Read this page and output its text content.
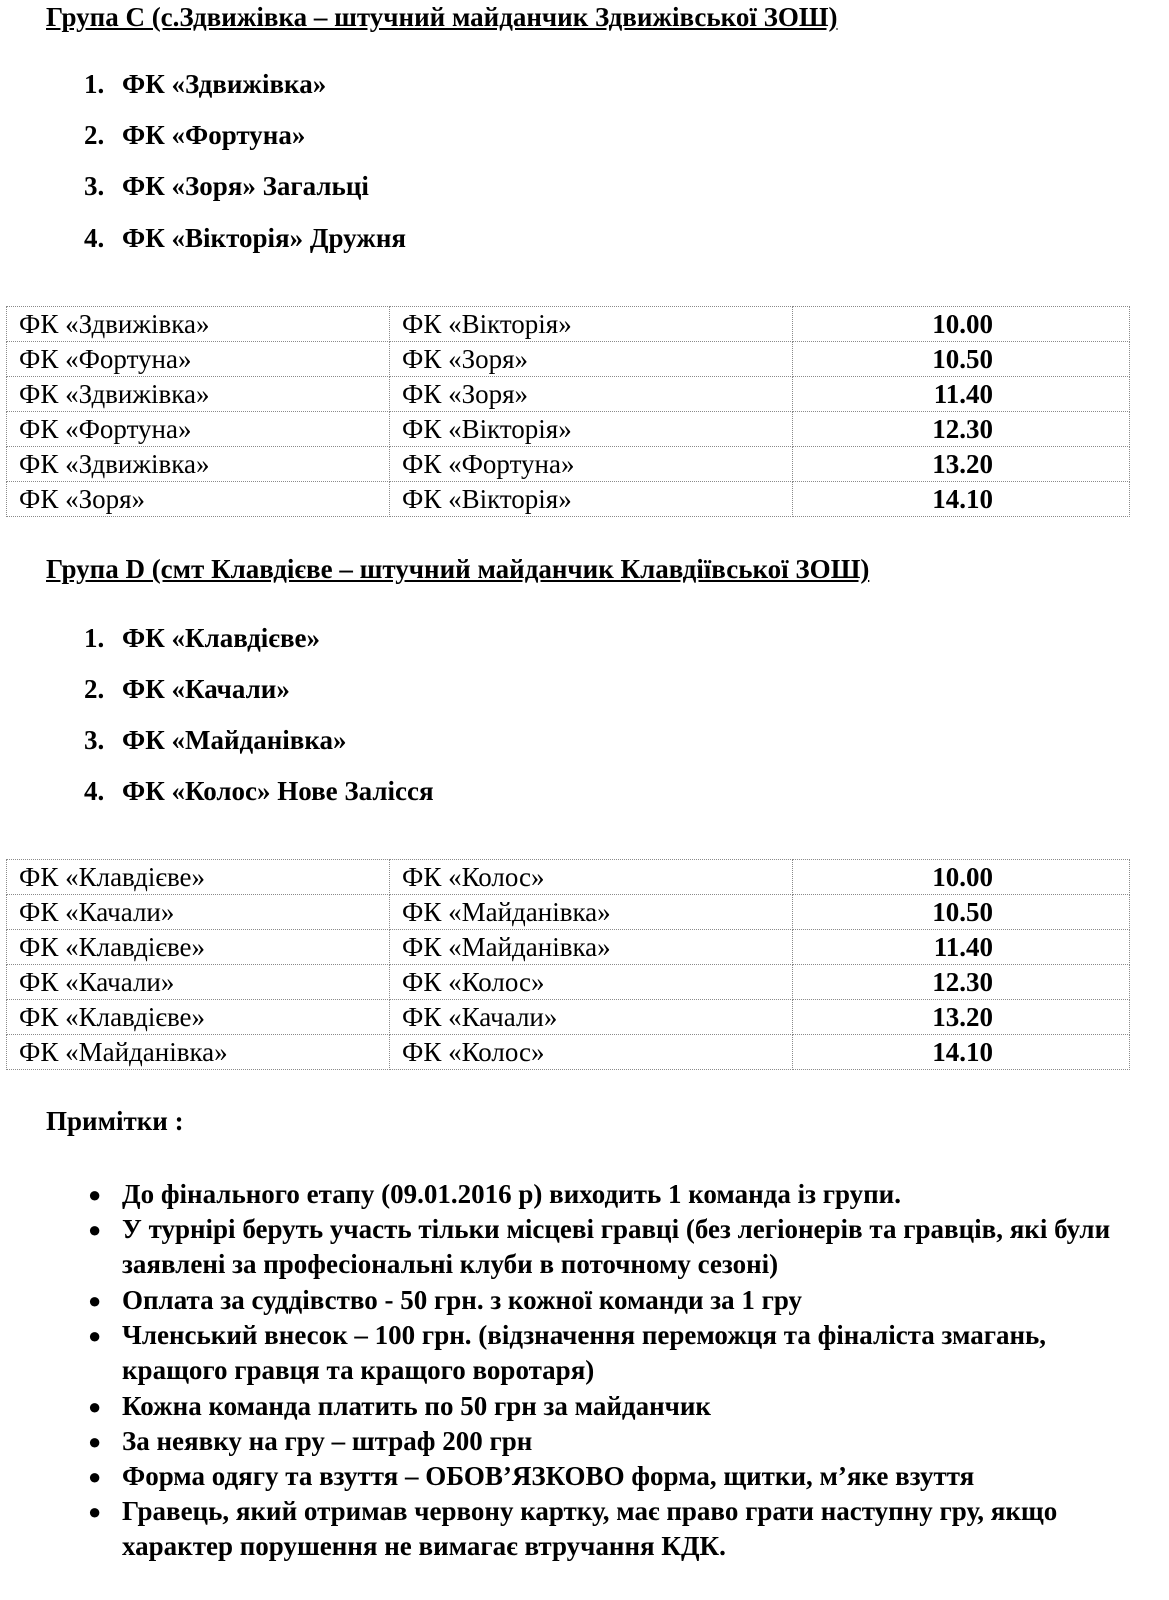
Група С (с.Здвижівка – штучний майданчик Здвижівської ЗОШ)
1. ФК «Здвижівка»
2. ФК «Фортуна»
3. ФК «Зоря» Загальці
4. ФК «Вікторія» Дружня
ФК «Здвижівка»	ФК «Вікторія»	10.00
ФК «Фортуна»	ФК «Зоря»	10.50
ФК «Здвижівка»	ФК «Зоря»	11.40
ФК «Фортуна»	ФК «Вікторія»	12.30
ФК «Здвижівка»	ФК «Фортуна»	13.20
ФК «Зоря»	ФК «Вікторія»	14.10
Група D (смт Клавдієве – штучний майданчик Клавдіївської ЗОШ)
1. ФК «Клавдієве»
2. ФК «Качали»
3. ФК «Майданівка»
4. ФК «Колос» Нове Залісся
ФК «Клавдієве»	ФК «Колос»	10.00
ФК «Качали»	ФК «Майданівка»	10.50
ФК «Клавдієве»	ФК «Майданівка»	11.40
ФК «Качали»	ФК «Колос»	12.30
ФК «Клавдієве»	ФК «Качали»	13.20
ФК «Майданівка»	ФК «Колос»	14.10
Примітки :
● До фінального етапу (09.01.2016 р) виходить 1 команда із групи.
● У турнірі беруть участь тільки місцеві гравці (без легіонерів та гравців, які були заявлені за професіональні клуби в поточному сезоні)
● Оплата за суддівство - 50 грн. з кожної команди за 1 гру
● Членський внесок – 100 грн. (відзначення переможця та фіналіста змагань, кращого гравця та кращого воротаря)
● Кожна команда платить по 50 грн за майданчик
● За неявку на гру – штраф 200 грн
● Форма одягу та взуття – ОБОВ’ЯЗКОВО форма, щитки, м’яке взуття
● Гравець, який отримав червону картку, має право грати наступну гру, якщо характер порушення не вимагає втручання КДК.
